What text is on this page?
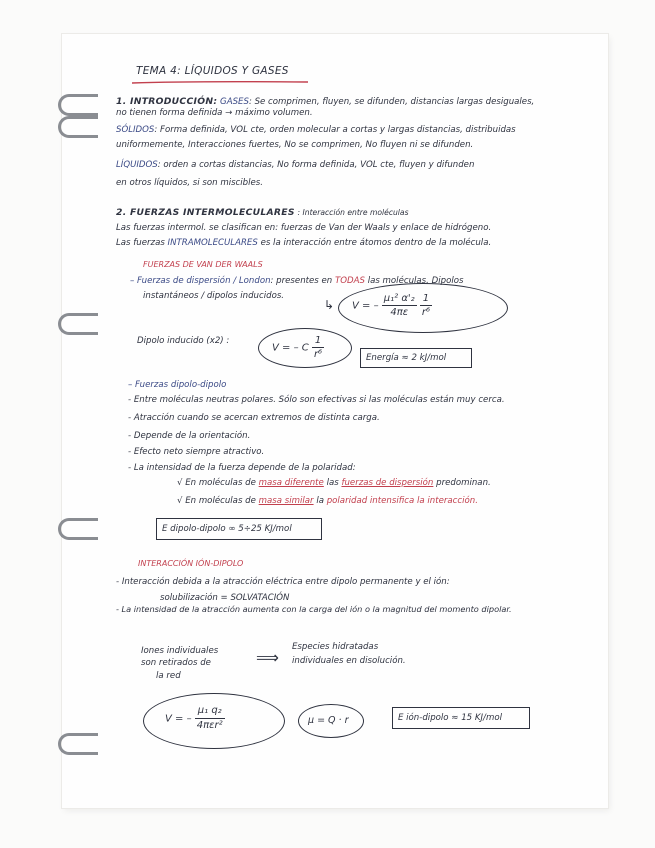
TEMA 4: LÍQUIDOS Y GASES
1. INTRODUCCIÓN: GASES: Se comprimen, fluyen, se difunden, distancias largas desiguales,
no tienen forma definida → máximo volumen.
SÓLIDOS: Forma definida, VOL cte, orden molecular a cortas y largas distancias, distribuidas
uniformemente, Interacciones fuertes, No se comprimen, No fluyen ni se difunden.
LÍQUIDOS: orden a cortas distancias, No forma definida, VOL cte, fluyen y difunden
en otros líquidos, si son miscibles.
2. FUERZAS INTERMOLECULARES : Interacción entre moléculas
Las fuerzas intermol. se clasifican en: fuerzas de Van der Waals y enlace de hidrógeno.
Las fuerzas INTRAMOLECULARES es la interacción entre átomos dentro de la molécula.
FUERZAS DE VAN DER WAALS
– Fuerzas de dispersión / London: presentes en TODAS las moléculas. Dipolos
instantáneos / dipolos inducidos.
↳ V = – $\frac{\text{μ₁² α'₂}}{4\pi\varepsilon}$
$\frac{1}{\text{r⁶}}$
Dipolo inducido (x2) :
V = – C $\frac{1}{\text{r⁶}}$	Energía ≈ 2 kJ/mol
– Fuerzas dipolo-dipolo
- Entre moléculas neutras polares. Sólo son efectivas si las moléculas están muy cerca.
- Atracción cuando se acercan extremos de distinta carga.
- Depende de la orientación.
- Efecto neto siempre atractivo.
- La intensidad de la fuerza depende de la polaridad:
√ En moléculas de masa diferente las fuerzas de dispersión predominan.
√ En moléculas de masa similar la polaridad intensifica la interacción.
E dipolo-dipolo ∞ 5÷25 KJ/mol
INTERACCIÓN IÓN-DIPOLO
- Interacción debida a la atracción eléctrica entre dipolo permanente y el ión:
solubilización = SOLVATACIÓN
- La intensidad de la atracción aumenta con la carga del ión o la magnitud del momento dipolar.
Iones individuales
son retirados de
la red
⟹
Especies hidratadas
individuales en disolución.
V = – $\frac{\text{μ₁ q₂}}{\text{4πεr²}}$	μ = Q · r	E ión-dipolo ≈ 15 KJ/mol
